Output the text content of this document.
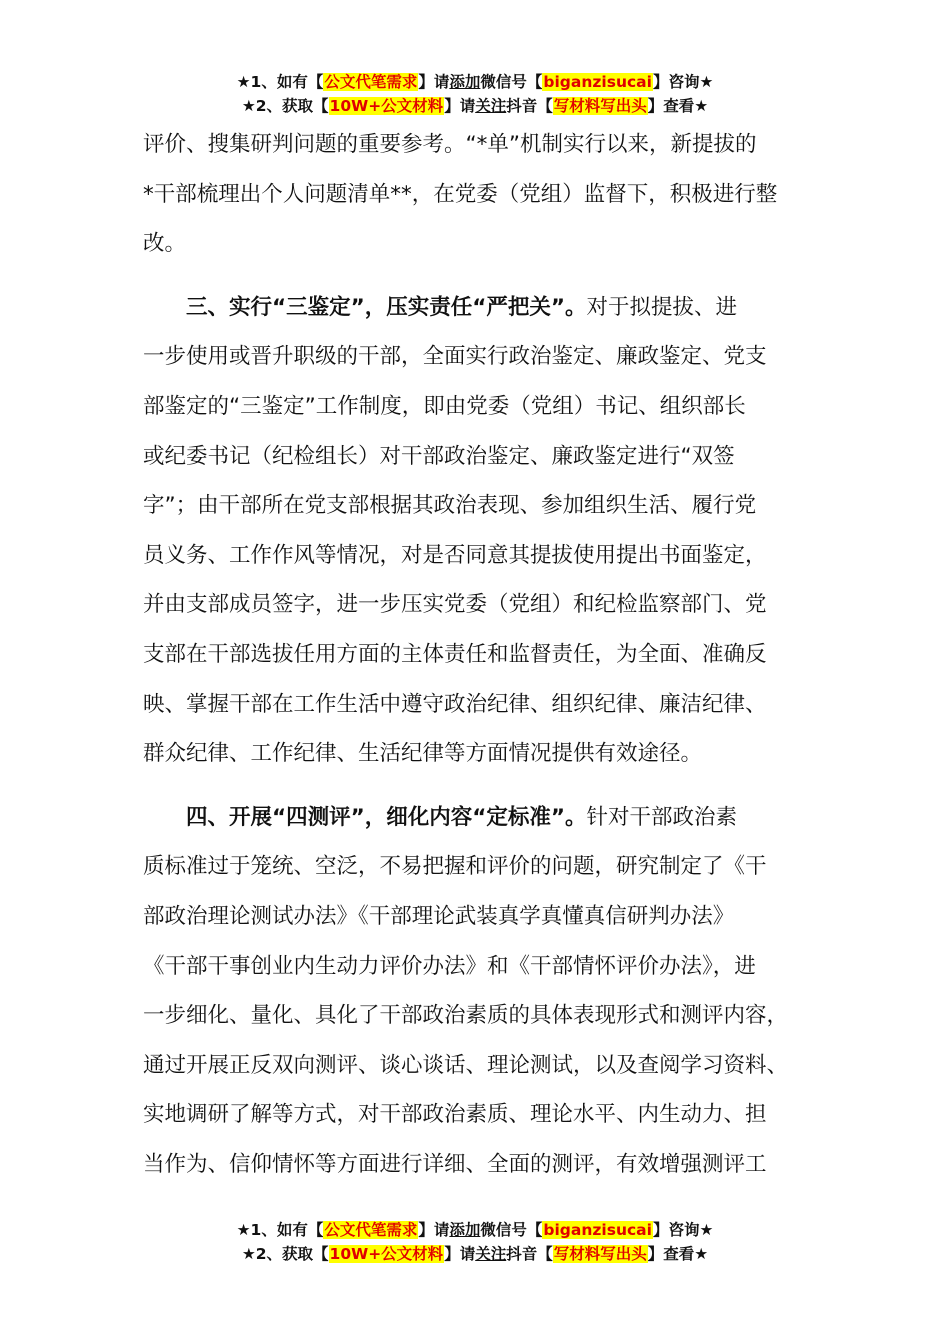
★1、如有【公文代笔需求】请添加微信号【biganzisucai】咨询★
★2、获取【10W+公文材料】请关注抖音【写材料写出头】查看★
评价、搜集研判问题的重要参考。“*单”机制实行以来，新提拔的
*干部梳理出个人问题清单**，在党委（党组）监督下，积极进行整
改。
　　三、实行“三鉴定”，压实责任“严把关”。对于拟提拔、进
一步使用或晋升职级的干部，全面实行政治鉴定、廉政鉴定、党支
部鉴定的“三鉴定”工作制度，即由党委（党组）书记、组织部长
或纪委书记（纪检组长）对干部政治鉴定、廉政鉴定进行“双签
字”；由干部所在党支部根据其政治表现、参加组织生活、履行党
员义务、工作作风等情况，对是否同意其提拔使用提出书面鉴定，
并由支部成员签字，进一步压实党委（党组）和纪检监察部门、党
支部在干部选拔任用方面的主体责任和监督责任，为全面、准确反
映、掌握干部在工作生活中遵守政治纪律、组织纪律、廉洁纪律、
群众纪律、工作纪律、生活纪律等方面情况提供有效途径。
　　四、开展“四测评”，细化内容“定标准”。针对干部政治素
质标准过于笼统、空泛，不易把握和评价的问题，研究制定了《干
部政治理论测试办法》《干部理论武装真学真懂真信研判办法》
《干部干事创业内生动力评价办法》和《干部情怀评价办法》，进
一步细化、量化、具化了干部政治素质的具体表现形式和测评内容，
通过开展正反双向测评、谈心谈话、理论测试，以及查阅学习资料、
实地调研了解等方式，对干部政治素质、理论水平、内生动力、担
当作为、信仰情怀等方面进行详细、全面的测评，有效增强测评工
★1、如有【公文代笔需求】请添加微信号【biganzisucai】咨询★
★2、获取【10W+公文材料】请关注抖音【写材料写出头】查看★
